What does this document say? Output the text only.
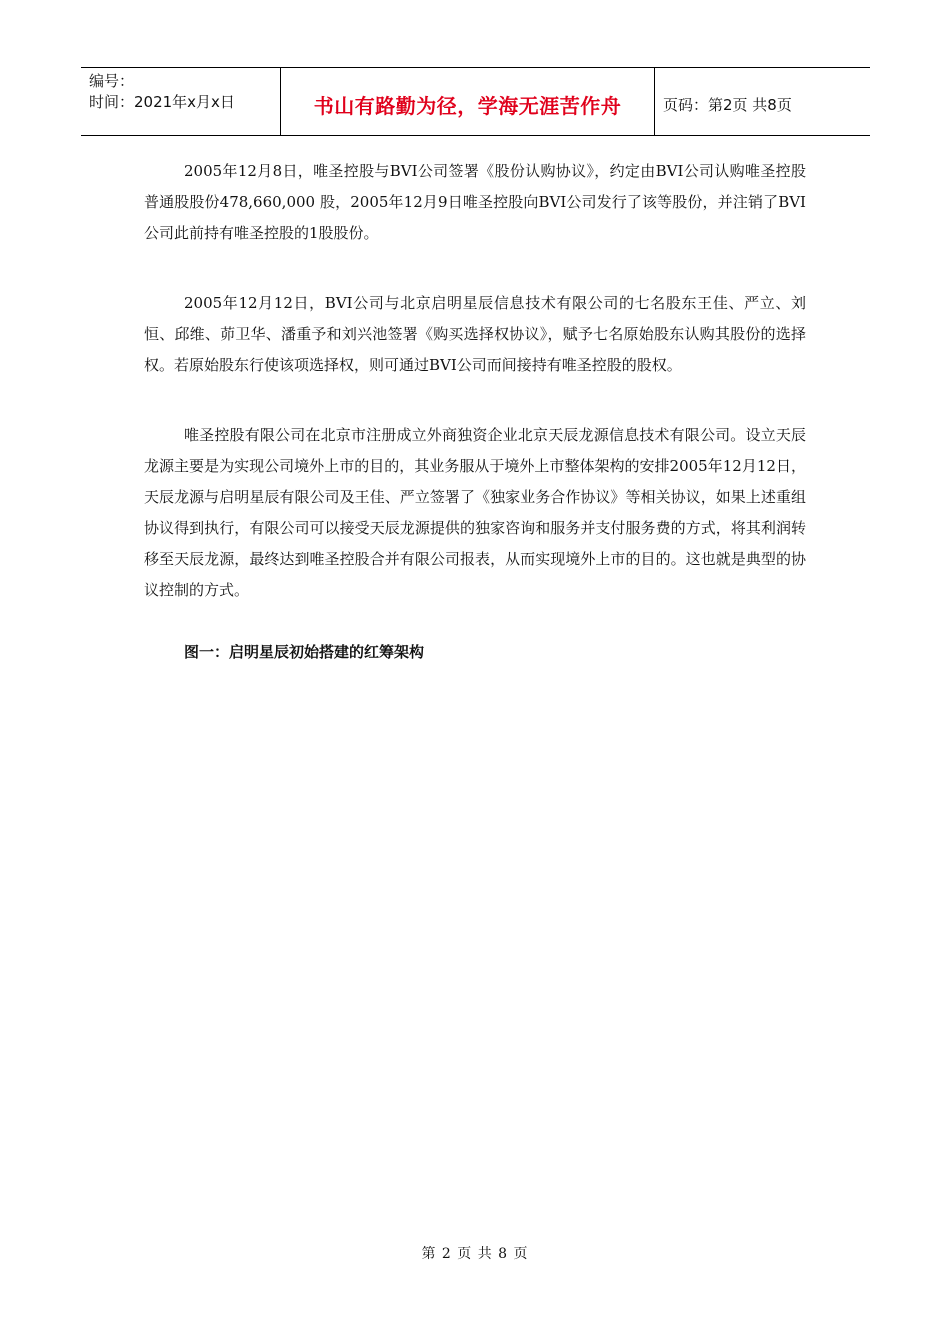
编号：
时间：2021年x月x日	书山有路勤为径，学海无涯苦作舟	页码：第2页 共8页

2005年12月8日，唯圣控股与BVI公司签署《股份认购协议》，约定由BVI公司认购唯圣控股普通股股份478,660,000 股，2005年12月9日唯圣控股向BVI公司发行了该等股份，并注销了BVI公司此前持有唯圣控股的1股股份。

2005年12月12日，BVI公司与北京启明星辰信息技术有限公司的七名股东王佳、严立、刘恒、邱维、茆卫华、潘重予和刘兴池签署《购买选择权协议》，赋予七名原始股东认购其股份的选择权。若原始股东行使该项选择权，则可通过BVI公司而间接持有唯圣控股的股权。

唯圣控股有限公司在北京市注册成立外商独资企业北京天辰龙源信息技术有限公司。设立天辰龙源主要是为实现公司境外上市的目的，其业务服从于境外上市整体架构的安排2005年12月12日，天辰龙源与启明星辰有限公司及王佳、严立签署了《独家业务合作协议》等相关协议，如果上述重组协议得到执行，有限公司可以接受天辰龙源提供的独家咨询和服务并支付服务费的方式，将其利润转移至天辰龙源，最终达到唯圣控股合并有限公司报表，从而实现境外上市的目的。这也就是典型的协议控制的方式。

图一：启明星辰初始搭建的红筹架构
第 2 页 共 8 页
